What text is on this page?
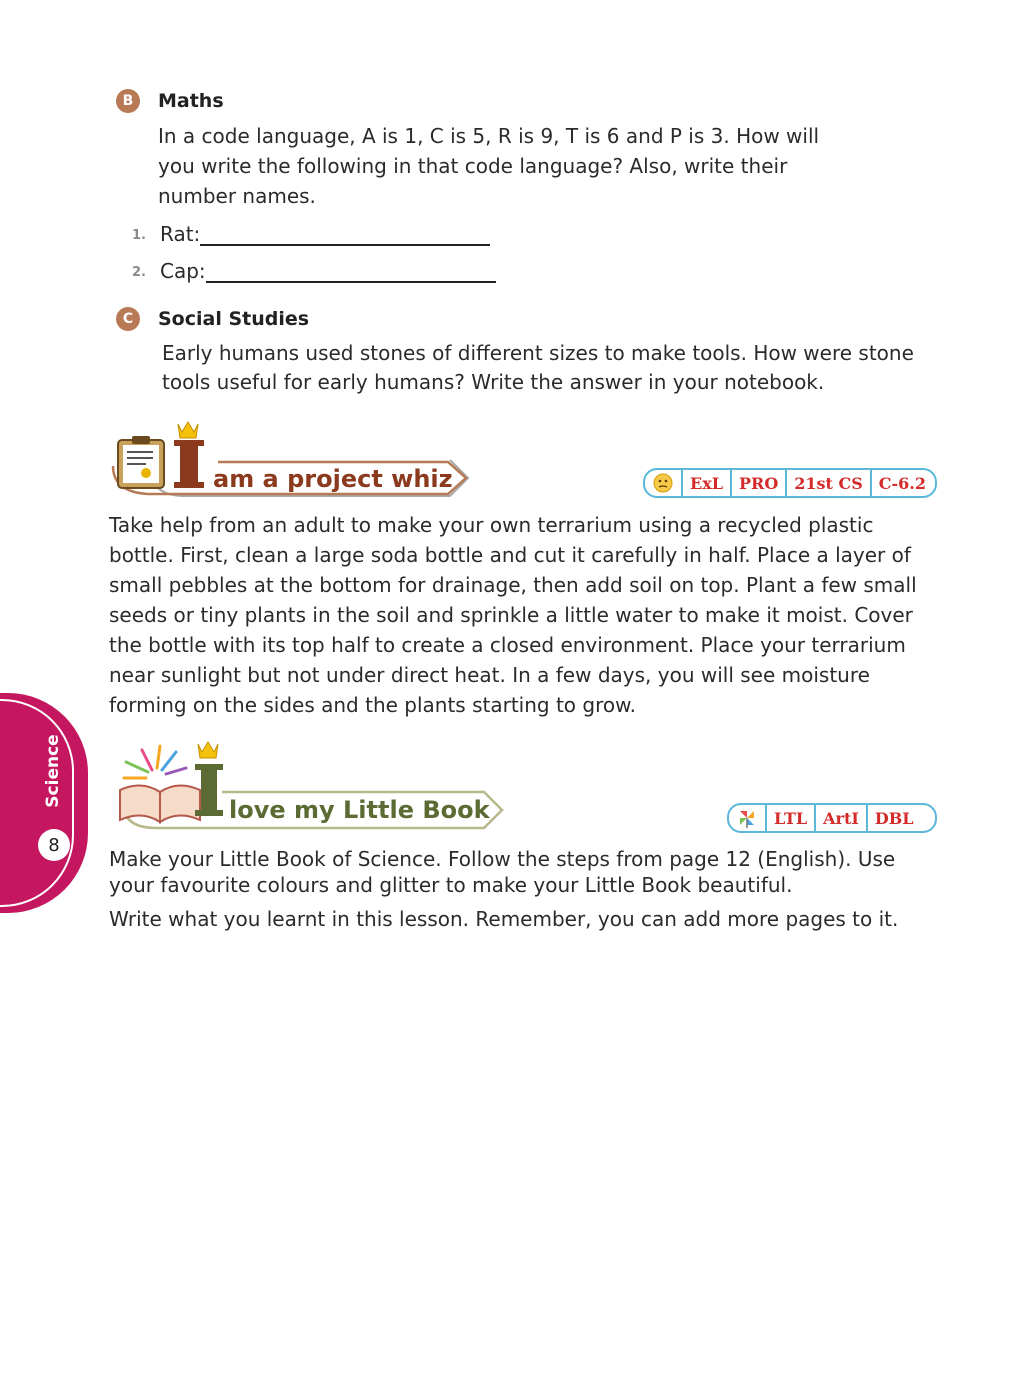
B	Maths
In a code language, A is 1, C is 5, R is 9, T is 6 and P is 3. How will you write the following in that code language? Also, write their number names.
1. Rat:
2. Cap:
C	Social Studies
Early humans used stones of different sizes to make tools. How were stone tools useful for early humans? Write the answer in your notebook.
am a project whiz	ExL	PRO	21st CS	C-6.2
Take help from an adult to make your own terrarium using a recycled plastic bottle. First, clean a large soda bottle and cut it carefully in half. Place a layer of small pebbles at the bottom for drainage, then add soil on top. Plant a few small seeds or tiny plants in the soil and sprinkle a little water to make it moist. Cover the bottle with its top half to create a closed environment. Place your terrarium near sunlight but not under direct heat. In a few days, you will see moisture forming on the sides and the plants starting to grow.
love my Little Book	LTL	ArtI	DBL
Make your Little Book of Science. Follow the steps from page 12 (English). Use your favourite colours and glitter to make your Little Book beautiful.
Write what you learnt in this lesson. Remember, you can add more pages to it.
Science
8
